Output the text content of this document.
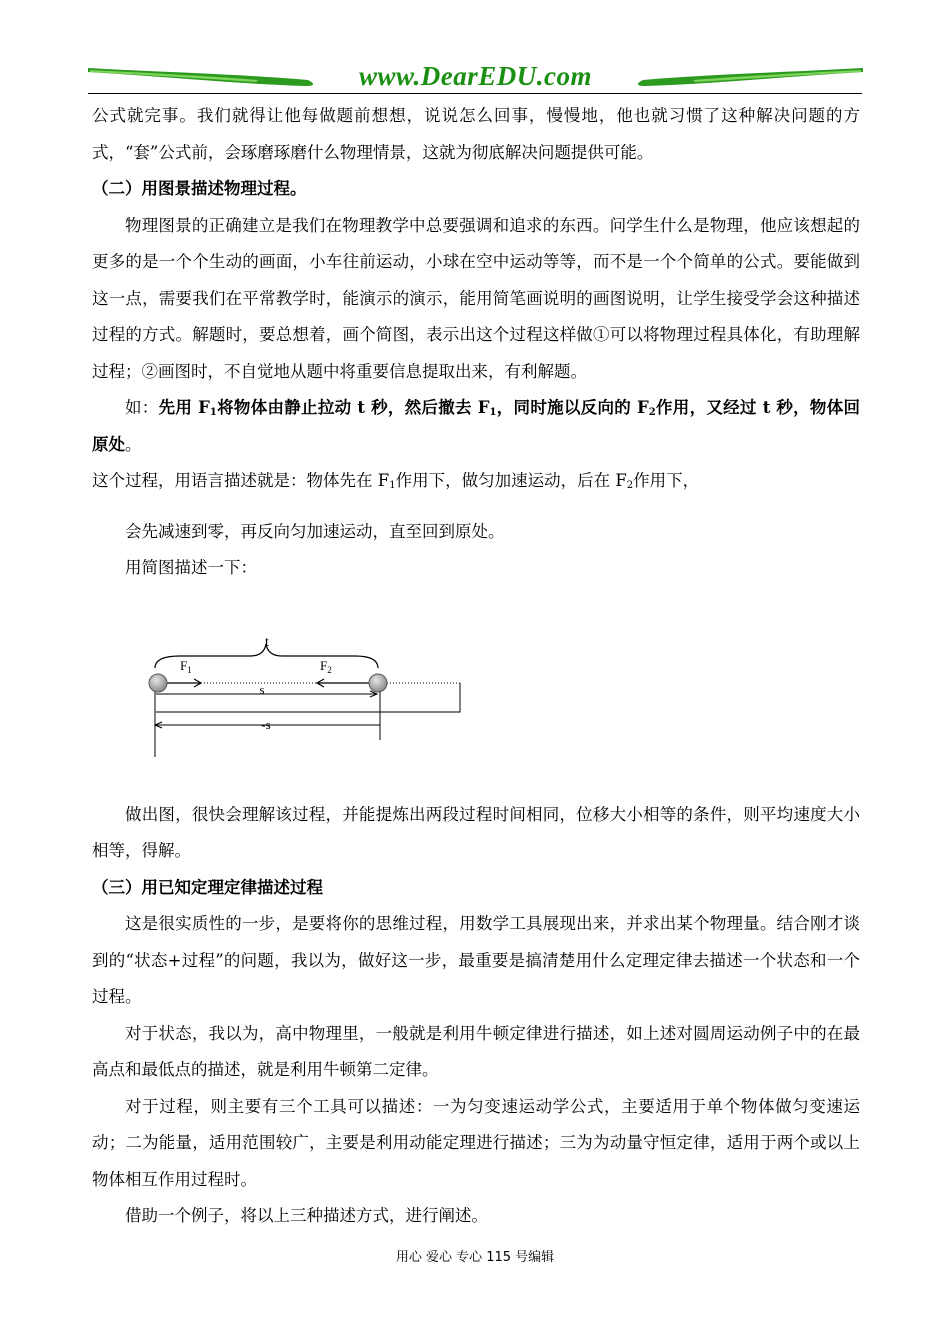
www.DearEDU.com

公式就完事。我们就得让他每做题前想想，说说怎么回事，慢慢地，他也就习惯了这种解决问题的方式，“套”公式前，会琢磨琢磨什么物理情景，这就为彻底解决问题提供可能。

（二）用图景描述物理过程。

物理图景的正确建立是我们在物理教学中总要强调和追求的东西。问学生什么是物理，他应该想起的更多的是一个个生动的画面，小车往前运动，小球在空中运动等等，而不是一个个简单的公式。要能做到这一点，需要我们在平常教学时，能演示的演示，能用简笔画说明的画图说明，让学生接受学会这种描述过程的方式。解题时，要总想着，画个简图，表示出这个过程这样做①可以将物理过程具体化，有助理解过程；②画图时，不自觉地从题中将重要信息提取出来，有利解题。

如：先用 $F_1$将物体由静止拉动 t 秒，然后撤去 $F_1$，同时施以反向的 $F_2$作用，又经过 t 秒，物体回原处。

这个过程，用语言描述就是：物体先在 $F_1$作用下，做匀加速运动，后在 $F_2$作用下，

会先减速到零，再反向匀加速运动，直至回到原处。

用简图描述一下：

做出图，很快会理解该过程，并能提炼出两段过程时间相同，位移大小相等的条件，则平均速度大小相等，得解。

（三）用已知定理定律描述过程

这是很实质性的一步，是要将你的思维过程，用数学工具展现出来，并求出某个物理量。结合刚才谈到的“状态+过程”的问题，我以为，做好这一步，最重要是搞清楚用什么定理定律去描述一个状态和一个过程。

对于状态，我以为，高中物理里，一般就是利用牛顿定律进行描述，如上述对圆周运动例子中的在最高点和最低点的描述，就是利用牛顿第二定律。

对于过程，则主要有三个工具可以描述：一为匀变速运动学公式，主要适用于单个物体做匀变速运动；二为能量，适用范围较广，主要是利用动能定理进行描述；三为为动量守恒定律，适用于两个或以上物体相互作用过程时。

借助一个例子，将以上三种描述方式，进行阐述。

t
$F_1$	$F_2$
s
-s
用心 爱心 专心 115 号编辑
